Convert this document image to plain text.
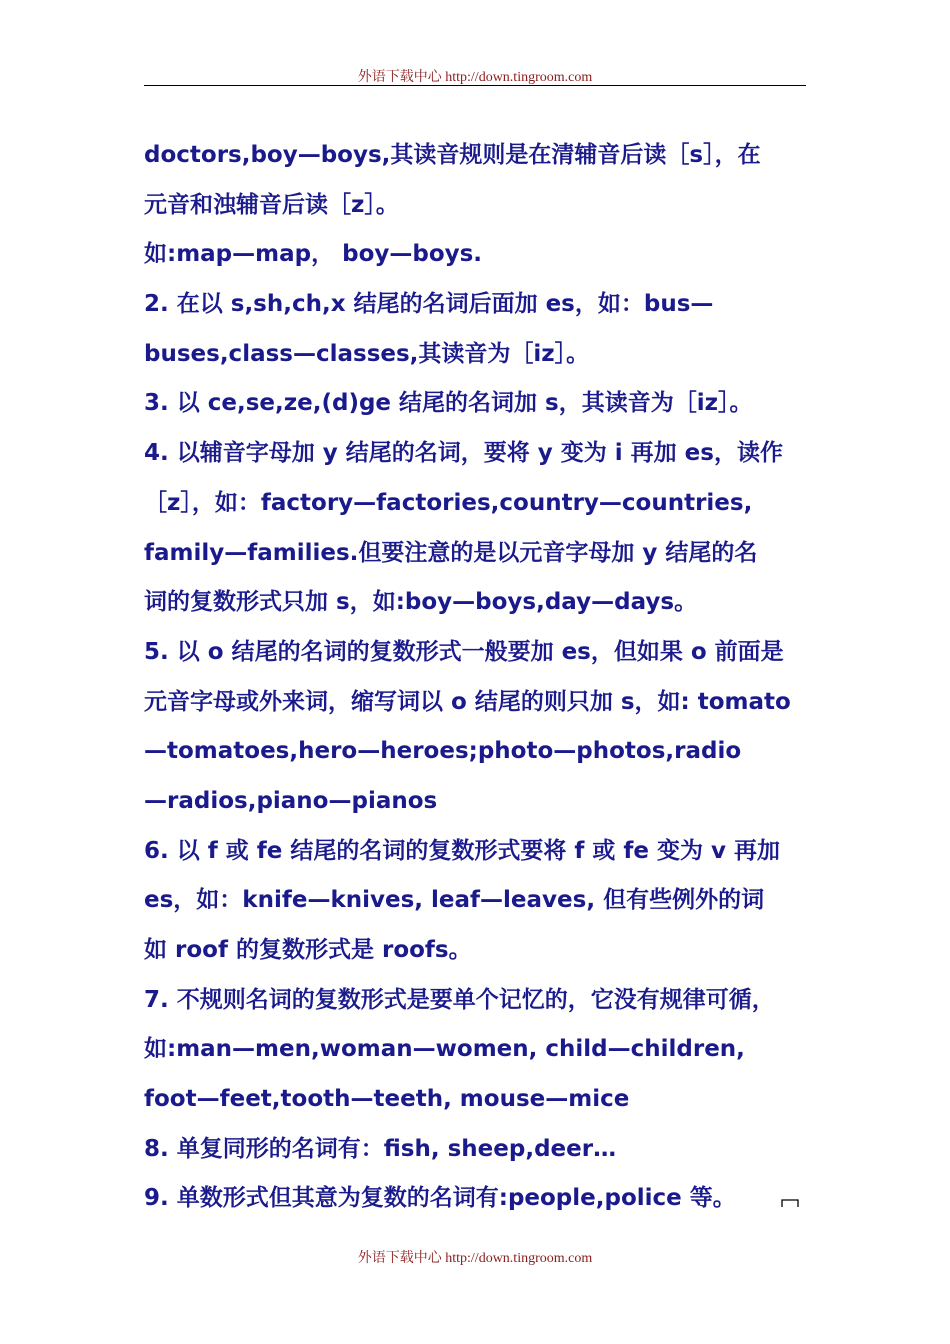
外语下载中心 http://down.tingroom.com
doctors,boy—boys,其读音规则是在清辅音后读［s］，在
元音和浊辅音后读［z］。
如:map—map， boy—boys.
2. 在以 s,sh,ch,x 结尾的名词后面加 es，如：bus—
buses,class—classes,其读音为［iz］。
3. 以 ce,se,ze,(d)ge 结尾的名词加 s，其读音为［iz］。
4. 以辅音字母加 y 结尾的名词，要将 y 变为 i 再加 es，读作
［z］，如：factory—factories,country—countries,
family—families.但要注意的是以元音字母加 y 结尾的名
词的复数形式只加 s，如:boy—boys,day—days。
5. 以 o 结尾的名词的复数形式一般要加 es，但如果 o 前面是
元音字母或外来词，缩写词以 o 结尾的则只加 s，如: tomato
—tomatoes,hero—heroes;photo—photos,radio
—radios,piano—pianos
6. 以 f 或 fe 结尾的名词的复数形式要将 f 或 fe 变为 v 再加
es，如：knife—knives, leaf—leaves, 但有些例外的词
如 roof 的复数形式是 roofs。
7. 不规则名词的复数形式是要单个记忆的，它没有规律可循，
如:man—men,woman—women, child—children,
foot—feet,tooth—teeth, mouse—mice
8. 单复同形的名词有：fish, sheep,deer…
9. 单数形式但其意为复数的名词有:people,police 等。
外语下载中心 http://down.tingroom.com
